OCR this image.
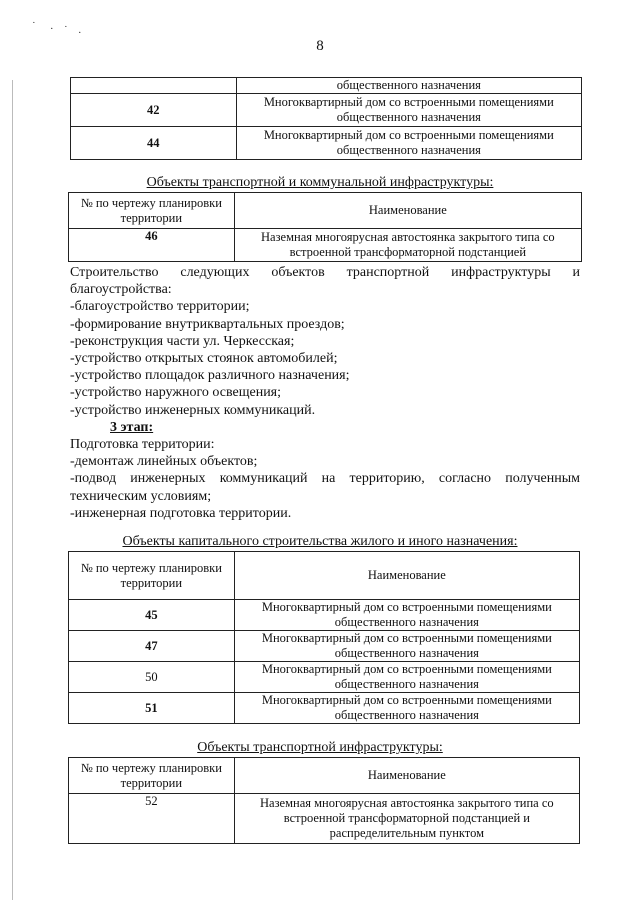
˙ . ˙ .
8
	общественного назначения
42	Многоквартирный дом со встроенными помещениями общественного назначения
44	Многоквартирный дом со встроенными помещениями общественного назначения
Объекты транспортной и коммунальной инфраструктуры:
№ по чертежу планировки территории	Наименование
46	Наземная многоярусная автостоянка закрытого типа со встроенной трансформаторной подстанцией

Строительство следующих объектов транспортной инфраструктуры и

благоустройства:

-благоустройство территории;

-формирование внутриквартальных проездов;

-реконструкция части ул. Черкесская;

-устройство открытых стоянок автомобилей;

-устройство площадок различного назначения;

-устройство наружного освещения;

-устройство инженерных коммуникаций.

3 этап:

Подготовка территории:

-демонтаж линейных объектов;

-подвод инженерных коммуникаций на территорию, согласно полученным

техническим условиям;

-инженерная подготовка территории.

Объекты капитального строительства жилого и иного назначения:
№ по чертежу планировки территории	Наименование
45	Многоквартирный дом со встроенными помещениями общественного назначения
47	Многоквартирный дом со встроенными помещениями общественного назначения
50	Многоквартирный дом со встроенными помещениями общественного назначения
51	Многоквартирный дом со встроенными помещениями общественного назначения
Объекты транспортной инфраструктуры:
№ по чертежу планировки территории	Наименование
52	Наземная многоярусная автостоянка закрытого типа со встроенной трансформаторной подстанцией и распределительным пунктом
